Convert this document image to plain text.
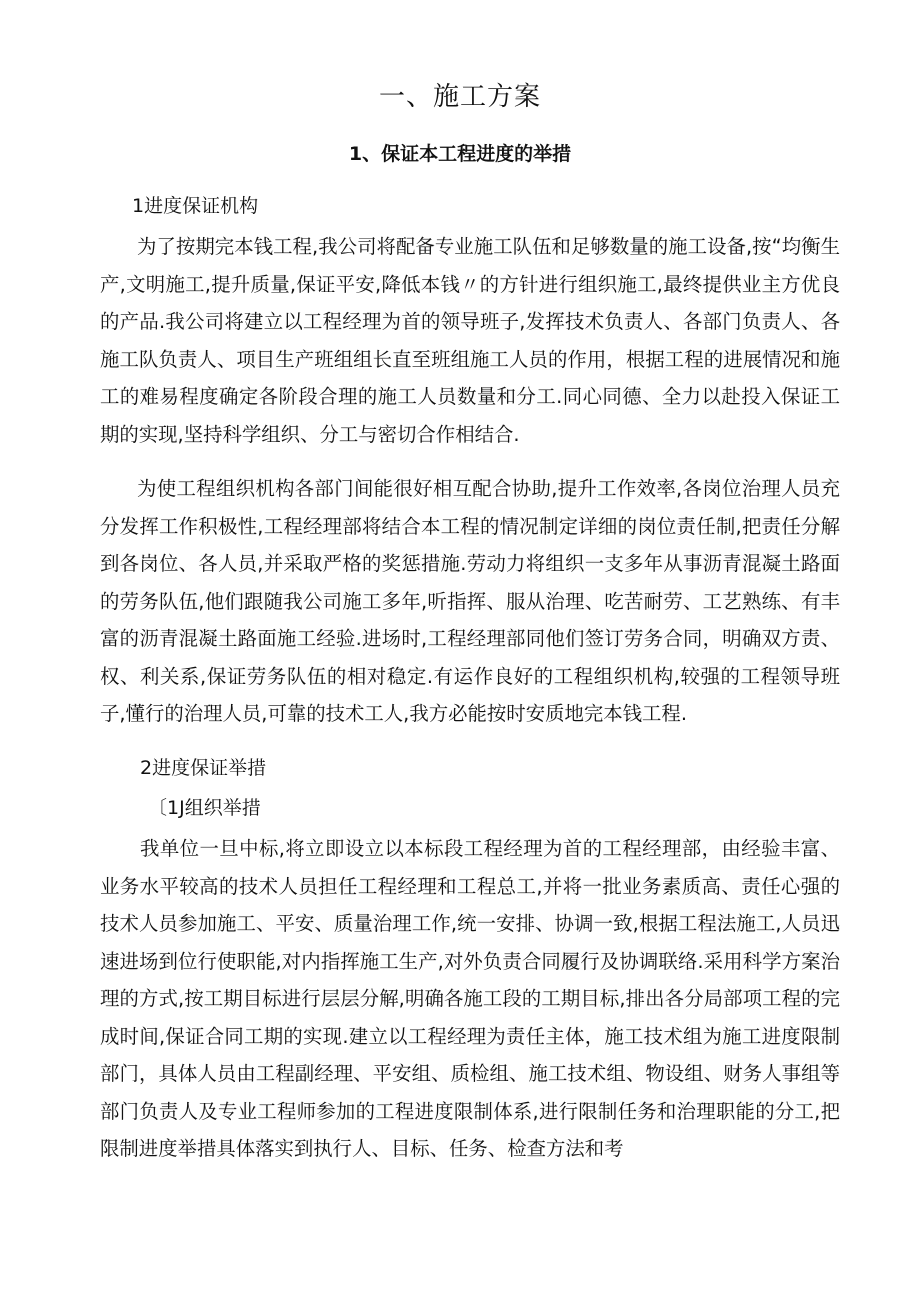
一、施工方案
1、保证本工程进度的举措
1进度保证机构

为了按期完本钱工程,我公司将配备专业施工队伍和足够数量的施工设备,按“均衡生产,文明施工,提升质量,保证平安,降低本钱〃的方针进行组织施工,最终提供业主方优良的产品.我公司将建立以工程经理为首的领导班子,发挥技术负责人、各部门负责人、各施工队负责人、项目生产班组组长直至班组施工人员的作用，根据工程的进展情况和施工的难易程度确定各阶段合理的施工人员数量和分工.同心同德、全力以赴投入保证工期的实现,坚持科学组织、分工与密切合作相结合.

为使工程组织机构各部门间能很好相互配合协助,提升工作效率,各岗位治理人员充分发挥工作积极性,工程经理部将结合本工程的情况制定详细的岗位责任制,把责任分解到各岗位、各人员,并采取严格的奖惩措施.劳动力将组织一支多年从事沥青混凝土路面的劳务队伍,他们跟随我公司施工多年,听指挥、服从治理、吃苦耐劳、工艺熟练、有丰富的沥青混凝土路面施工经验.进场时,工程经理部同他们签订劳务合同，明确双方责、权、利关系,保证劳务队伍的相对稳定.有运作良好的工程组织机构,较强的工程领导班子,懂行的治理人员,可靠的技术工人,我方必能按时安质地完本钱工程.

2进度保证举措
〔1J组织举措

我单位一旦中标,将立即设立以本标段工程经理为首的工程经理部，由经验丰富、业务水平较高的技术人员担任工程经理和工程总工,并将一批业务素质高、责任心强的技术人员参加施工、平安、质量治理工作,统一安排、协调一致,根据工程法施工,人员迅速进场到位行使职能,对内指挥施工生产,对外负责合同履行及协调联络.采用科学方案治理的方式,按工期目标进行层层分解,明确各施工段的工期目标,排出各分局部项工程的完成时间,保证合同工期的实现.建立以工程经理为责任主体，施工技术组为施工进度限制部门，具体人员由工程副经理、平安组、质检组、施工技术组、物设组、财务人事组等部门负责人及专业工程师参加的工程进度限制体系,进行限制任务和治理职能的分工,把限制进度举措具体落实到执行人、目标、任务、检查方法和考
